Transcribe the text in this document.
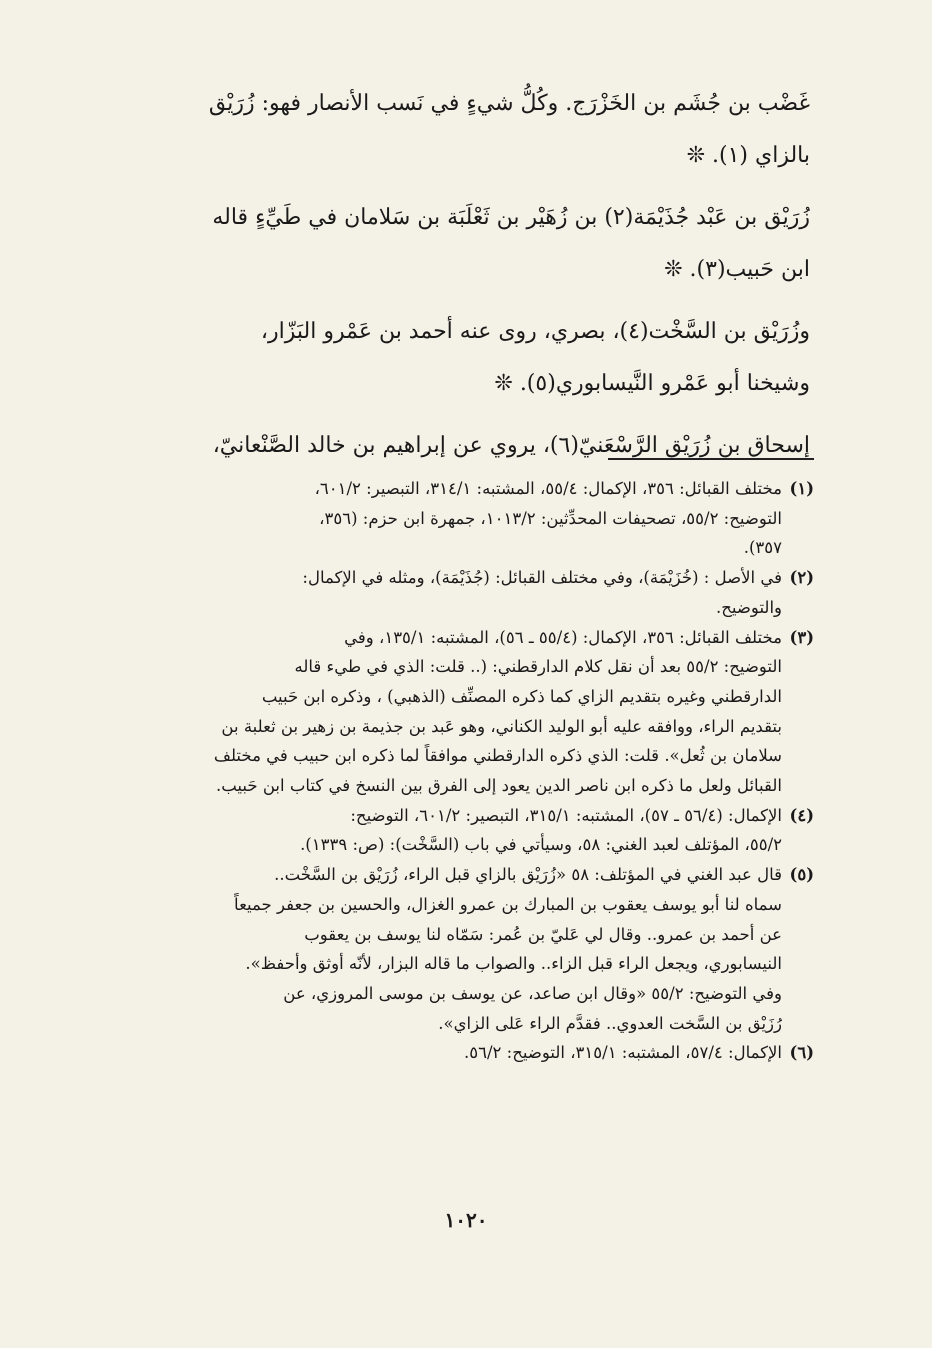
غَضْب بن جُشَم بن الخَزْرَج. وكُلُّ شيءٍ في نَسب الأنصار فهو: زُرَيْق
بالزاي (١). ❊

زُرَيْق بن عَبْد جُذَيْمَة(٢) بن زُهَيْر بن ثَعْلَبَة بن سَلامان في طَيِّءٍ قاله
ابن حَبيب(٣). ❊

وزُرَيْق بن السَّخْت(٤)، بصري، روى عنه أحمد بن عَمْرو البَزّار،
وشيخنا أبو عَمْرو النَّيسابوري(٥). ❊

إسحاق بن زُرَيْق الرَّسْعَنيّ(٦)، يروي عن إبراهيم بن خالد الصَّنْعانيّ،

(١)
مختلف القبائل: ٣٥٦، الإكمال: ٥٥/٤، المشتبه: ٣١٤/١، التبصير: ٦٠١/٢،
التوضيح: ٥٥/٢، تصحيفات المحدِّثين: ١٠١٣/٢، جمهرة ابن حزم: (٣٥٦،
٣٥٧).
(٢)
في الأصل : (خُزَيْمَة)، وفي مختلف القبائل: (جُذَيْمَة)، ومثله في الإكمال:
والتوضيح.
(٣)
مختلف القبائل: ٣٥٦، الإكمال: (٥٥/٤ ـ ٥٦)، المشتبه: ١٣٥/١، وفي
التوضيح: ٥٥/٢ بعد أن نقل كلام الدارقطني: (.. قلت: الذي في طيء قاله
الدارقطني وغيره بتقديم الزاي كما ذكره المصنِّف (الذهبي) ، وذكره ابن حَبيب
بتقديم الراء، ووافقه عليه أبو الوليد الكناني، وهو عَبد بن جذيمة بن زهير بن ثعلبة بن
سلامان بن ثُعل». قلت: الذي ذكره الدارقطني موافقاً لما ذكره ابن حبيب في مختلف
القبائل ولعل ما ذكره ابن ناصر الدين يعود إلى الفرق بين النسخ في كتاب ابن حَبيب.
(٤)
الإكمال: (٥٦/٤ ـ ٥٧)، المشتبه: ٣١٥/١، التبصير: ٦٠١/٢، التوضيح:
٥٥/٢، المؤتلف لعبد الغني: ٥٨، وسيأتي في باب (السَّخْت): (ص: ١٣٣٩).
(٥)
قال عبد الغني في المؤتلف: ٥٨ «زُرَيْق بالزاي قبل الراء، زُرَيْق بن السَّخْت..
سماه لنا أبو يوسف يعقوب بن المبارك بن عمرو الغزال، والحسين بن جعفر جميعاً
عن أحمد بن عمرو.. وقال لي عَليّ بن عُمر: سَمّاه لنا يوسف بن يعقوب
النيسابوري، ويجعل الراء قبل الزاء.. والصواب ما قاله البزار، لأنّه أوثق وأحفظ».
وفي التوضيح: ٥٥/٢ «وقال ابن صاعد، عن يوسف بن موسى المروزي، عن
رُزَيْق بن السَّخت العدوي.. فقدَّم الراء عَلى الزاي».
(٦)
الإكمال: ٥٧/٤، المشتبه: ٣١٥/١، التوضيح: ٥٦/٢.
١٠٢٠
